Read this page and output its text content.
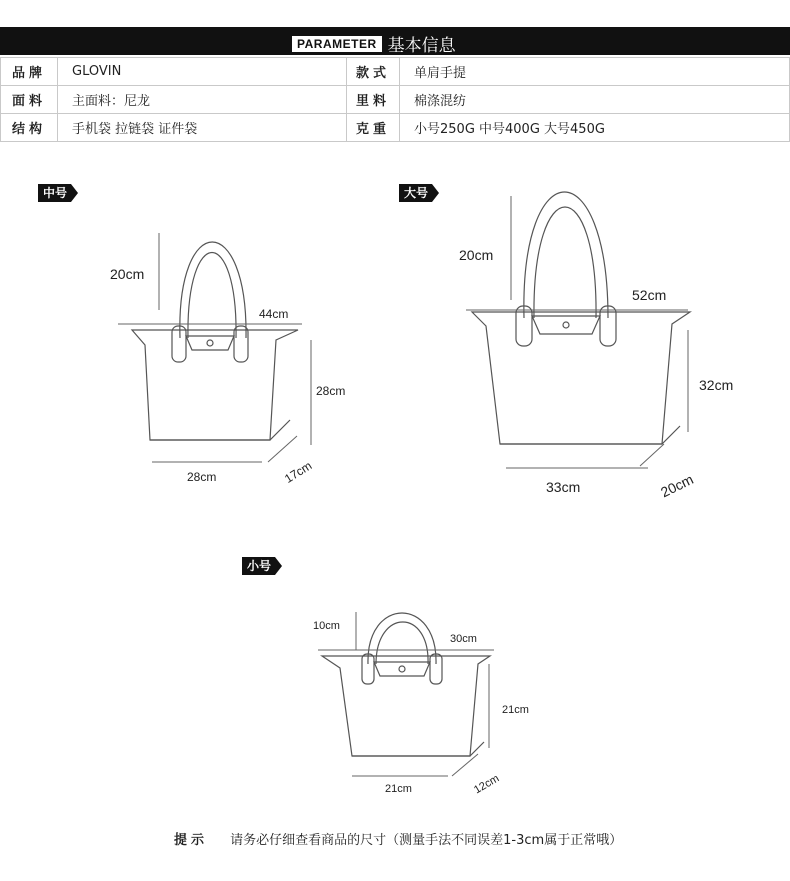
PARAMETER 基本信息
品牌	GLOVIN	款式	单肩手提
面料	主面料：尼龙	里料	棉涤混纺
结构	手机袋 拉链袋 证件袋	克重	小号250G 中号400G 大号450G
中号	大号
小号
20cm
44cm
28cm
28cm	17cm
20cm
52cm
32cm
33cm	20cm
10cm
30cm
21cm
21cm	12cm
提示 请务必仔细查看商品的尺寸（测量手法不同误差1-3cm属于正常哦）
